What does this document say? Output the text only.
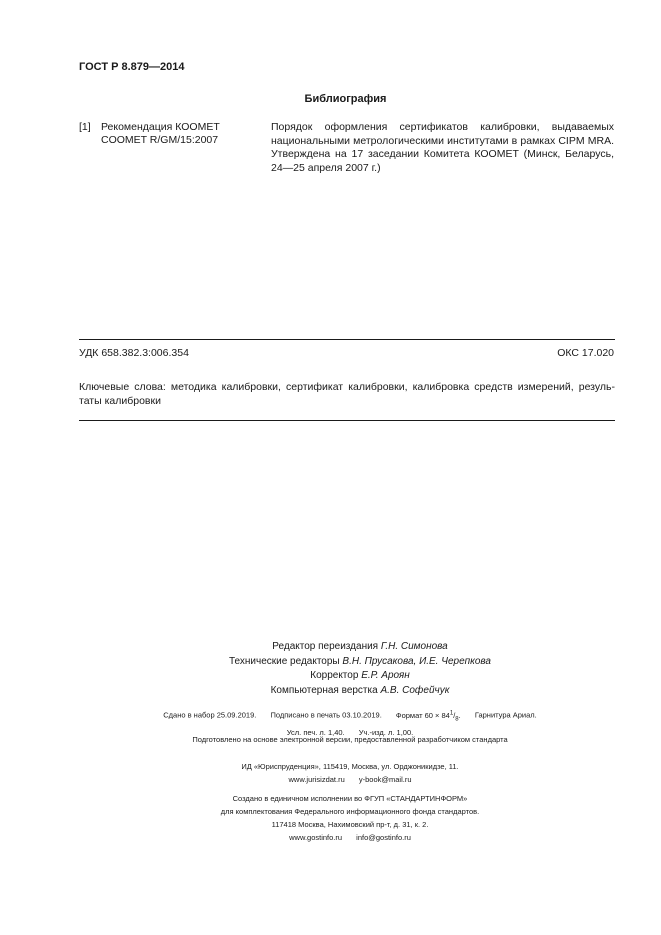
ГОСТ Р 8.879—2014
Библиография
[1] Рекомендация КООМЕТ COOMET R/GM/15:2007
Порядок оформления сертификатов калибровки, выдаваемых национальными метрологическими институтами в рамках CIPM MRA. Утверждена на 17 заседании Комитета КООМЕТ (Минск, Беларусь, 24—25 апреля 2007 г.)
УДК 658.382.3:006.354	ОКС 17.020
Ключевые слова: методика калибровки, сертификат калибровки, калибровка средств измерений, резуль-
таты калибровки
Редактор переиздания Г.Н. Симонова
Технические редакторы В.Н. Прусакова, И.Е. Черепкова
Корректор Е.Р. Ароян
Компьютерная верстка А.В. Софейчук
Сдано в набор 25.09.2019. Подписано в печать 03.10.2019. Формат $60 \times 84^1/_8$. Гарнитура Ариал.
Усл. печ. л. 1,40. Уч.-изд. л. 1,00.
Подготовлено на основе электронной версии, предоставленной разработчиком стандарта
ИД «Юриспруденция», 115419, Москва, ул. Орджоникидзе, 11.
www.jurisizdat.ru y-book@mail.ru
Создано в единичном исполнении во ФГУП «СТАНДАРТИНФОРМ»
для комплектования Федерального информационного фонда стандартов.
117418 Москва, Нахимовский пр-т, д. 31, к. 2.
www.gostinfo.ru info@gostinfo.ru
